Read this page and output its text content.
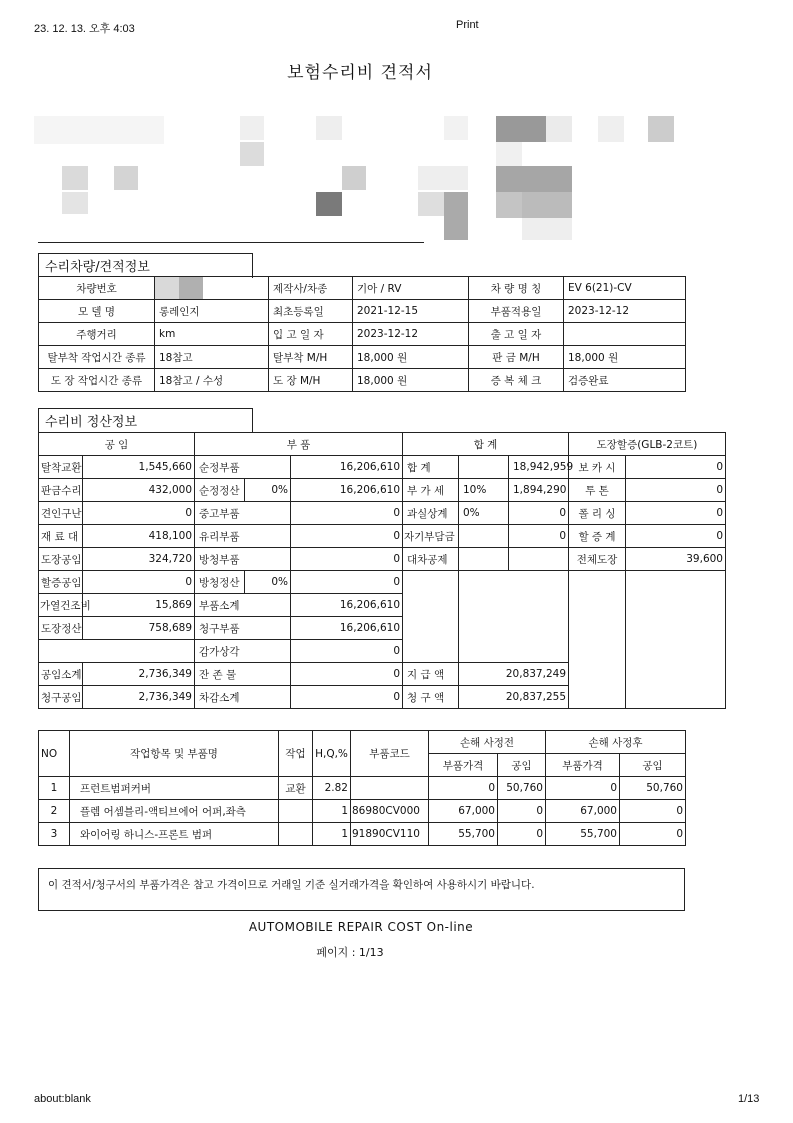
23. 12. 13. 오후 4:03	Print
about:blank	1/13
보험수리비 견적서
수리차량/견적정보
차량번호		제작사/차종	기아 / RV	차 량 명 칭	EV 6(21)-CV
모 델 명	롱레인지	최초등록일	2021-12-15	부품적용일	2023-12-12
주행거리	km	입 고 일 자	2023-12-12	출 고 일 자	
탈부착 작업시간 종류	18참고	탈부착 M/H	18,000 원	판 금 M/H	18,000 원
도 장 작업시간 종류	18참고 / 수성	도 장 M/H	18,000 원	증 복 체 크	검증완료
수리비 정산정보
공 임		부 품			합 계			도장할증(GLB-2코트)	
탈착교환	1,545,660	순정부품		16,206,610	합 계		18,942,959	보 카 시	0
판금수리	432,000	순정정산	0%	16,206,610	부 가 세	10%	1,894,290	투 톤	0
견인구난	0	중고부품		0	과실상계	0%	0	폴 리 싱	0
재 료 대	418,100	유리부품		0	자기부담금		0	할 증 계	0
도장공임	324,720	방청부품		0	대차공제			전체도장	39,600
할증공임	0	방청정산	0%	0					
가열건조비	15,869	부품소계		16,206,610					
도장정산	758,689	청구부품		16,206,610					
		감가상각		0					
공임소계	2,736,349	잔 존 물		0	지 급 액	20,837,249			
청구공임	2,736,349	차감소계		0	청 구 액	20,837,255			
NO	작업항목 및 부품명	작업	H,Q,%	부품코드	손해 사정전		손해 사정후	
					부품가격	공임	부품가격	공임
1	프런트범퍼커버	교환	2.82		0	50,760	0	50,760
2	플렘 어셈블리-액티브에어 어퍼,좌측		1	86980CV000	67,000	0	67,000	0
3	와이어링 하니스-프론트 범퍼		1	91890CV110	55,700	0	55,700	0
이 견적서/청구서의 부품가격은 참고 가격이므로 거래일 기준 실거래가격을 확인하여 사용하시기 바랍니다.
AUTOMOBILE REPAIR COST On-line
페이지 : 1/13
